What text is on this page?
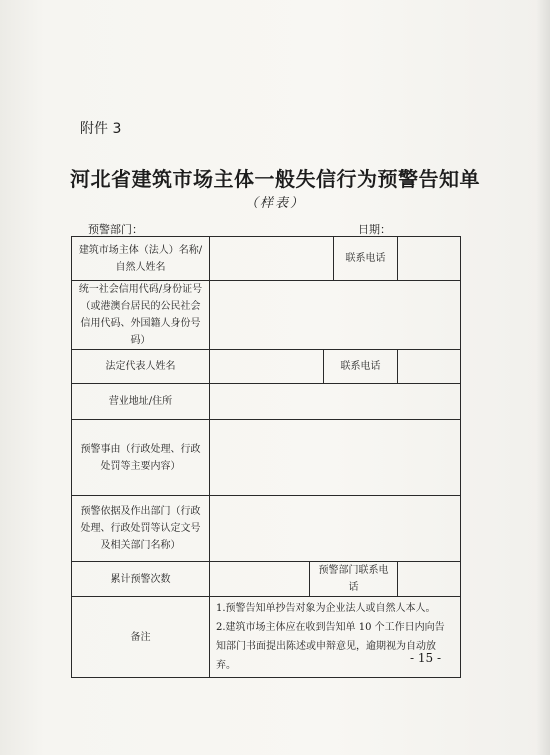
附件 3
河北省建筑市场主体一般失信行为预警告知单
（样表）
预警部门：	日期：
建筑市场主体（法人）名称/自然人姓名				联系电话	
统一社会信用代码/身份证号（或港澳台居民的公民社会信用代码、外国籍人身份号码）					
法定代表人姓名			联系电话		
营业地址/住所					
预警事由（行政处理、行政处罚等主要内容）					
预警依据及作出部门（行政处理、行政处罚等认定文号及相关部门名称）					
累计预警次数		预警部门联系电话			
备注	1.预警告知单抄告对象为企业法人或自然人本人。
2.建筑市场主体应在收到告知单 10 个工作日内向告知部门书面提出陈述或申辩意见，逾期视为自动放弃。				
- 15 -
